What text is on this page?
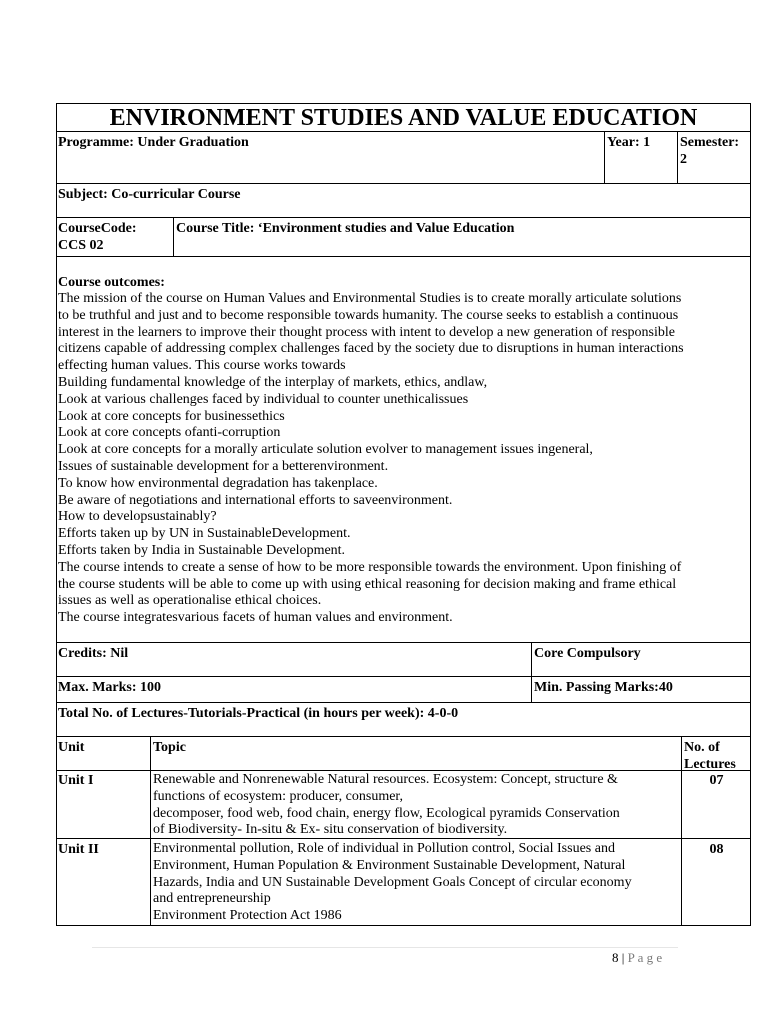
ENVIRONMENT STUDIES AND VALUE EDUCATION
Programme: Under Graduation	Year: 1 Semester:
2
Subject: Co-curricular Course
CourseCode:
CCS 02
Course Title: ‘Environment studies and Value Education
Course outcomes:
The mission of the course on Human Values and Environmental Studies is to create morally articulate solutions
to be truthful and just and to become responsible towards humanity. The course seeks to establish a continuous
interest in the learners to improve their thought process with intent to develop a new generation of responsible
citizens capable of addressing complex challenges faced by the society due to disruptions in human interactions
effecting human values. This course works towards
Building fundamental knowledge of the interplay of markets, ethics, andlaw,
Look at various challenges faced by individual to counter unethicalissues
Look at core concepts for businessethics
Look at core concepts ofanti-corruption
Look at core concepts for a morally articulate solution evolver to management issues ingeneral,
Issues of sustainable development for a betterenvironment.
To know how environmental degradation has takenplace.
Be aware of negotiations and international efforts to saveenvironment.
How to developsustainably?
Efforts taken up by UN in SustainableDevelopment.
Efforts taken by India in Sustainable Development.
The course intends to create a sense of how to be more responsible towards the environment. Upon finishing of
the course students will be able to come up with using ethical reasoning for decision making and frame ethical
issues as well as operationalise ethical choices.
The course integratesvarious facets of human values and environment.
Credits: Nil	Core Compulsory
Max. Marks: 100	Min. Passing Marks:40
Total No. of Lectures-Tutorials-Practical (in hours per week): 4-0-0
Unit	Topic	No. of
Lectures
Unit I	Renewable and Nonrenewable Natural resources. Ecosystem: Concept, structure &
functions of ecosystem: producer, consumer,
decomposer, food web, food chain, energy flow, Ecological pyramids Conservation
of Biodiversity- In-situ & Ex- situ conservation of biodiversity.
07
Unit II	Environmental pollution, Role of individual in Pollution control, Social Issues and
Environment, Human Population & Environment Sustainable Development, Natural
Hazards, India and UN Sustainable Development Goals Concept of circular economy
and entrepreneurship
Environment Protection Act 1986
08
8 | P a g e
